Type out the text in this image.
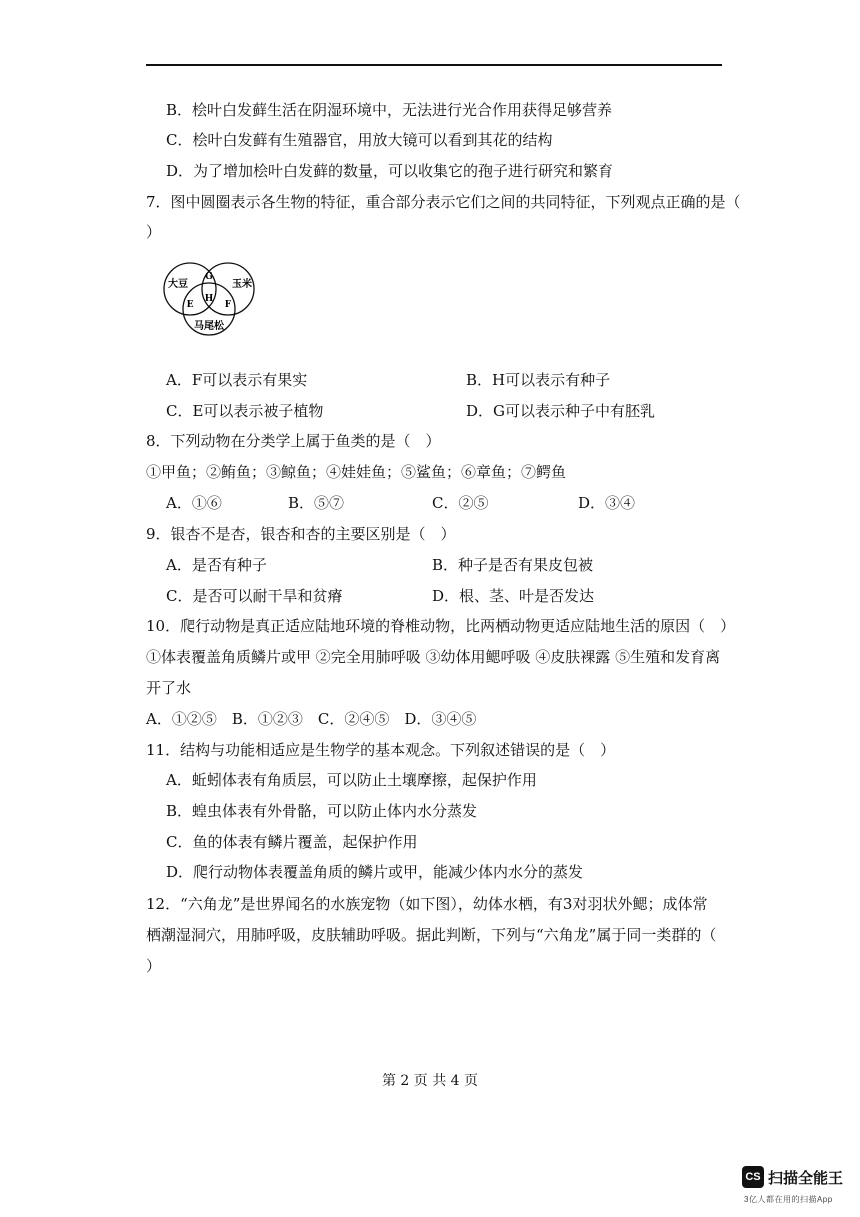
B．桧叶白发藓生活在阴湿环境中，无法进行光合作用获得足够营养
C．桧叶白发藓有生殖器官，用放大镜可以看到其花的结构
D．为了增加桧叶白发藓的数量，可以收集它的孢子进行研究和繁育
7．图中圆圈表示各生物的特征，重合部分表示它们之间的共同特征，下列观点正确的是（
）
大豆	玉米
马尾松
G
E	F
H
A．F可以表示有果实	B．H可以表示有种子
C．E可以表示被子植物	D．G可以表示种子中有胚乳
8．下列动物在分类学上属于鱼类的是（　）
①甲鱼；②鲔鱼；③鲸鱼；④娃娃鱼；⑤鲨鱼；⑥章鱼；⑦鳄鱼
A．①⑥	B．⑤⑦	C．②⑤	D．③④
9．银杏不是杏，银杏和杏的主要区别是（　）
A．是否有种子	B．种子是否有果皮包被
C．是否可以耐干旱和贫瘠	D．根、茎、叶是否发达
10．爬行动物是真正适应陆地环境的脊椎动物，比两栖动物更适应陆地生活的原因（　）
①体表覆盖角质鳞片或甲 ②完全用肺呼吸 ③幼体用鳃呼吸 ④皮肤裸露 ⑤生殖和发育离
开了水
A．①②⑤　B．①②③　C．②④⑤　D．③④⑤
11．结构与功能相适应是生物学的基本观念。下列叙述错误的是（　）
A．蚯蚓体表有角质层，可以防止土壤摩擦，起保护作用
B．蝗虫体表有外骨骼，可以防止体内水分蒸发
C．鱼的体表有鳞片覆盖，起保护作用
D．爬行动物体表覆盖角质的鳞片或甲，能减少体内水分的蒸发
12．“六角龙”是世界闻名的水族宠物（如下图），幼体水栖，有3对羽状外鳃；成体常
栖潮湿洞穴，用肺呼吸，皮肤辅助呼吸。据此判断，下列与“六角龙”属于同一类群的（
）
第 2 页 共 4 页
CS 扫描全能王
3亿人都在用的扫描App
